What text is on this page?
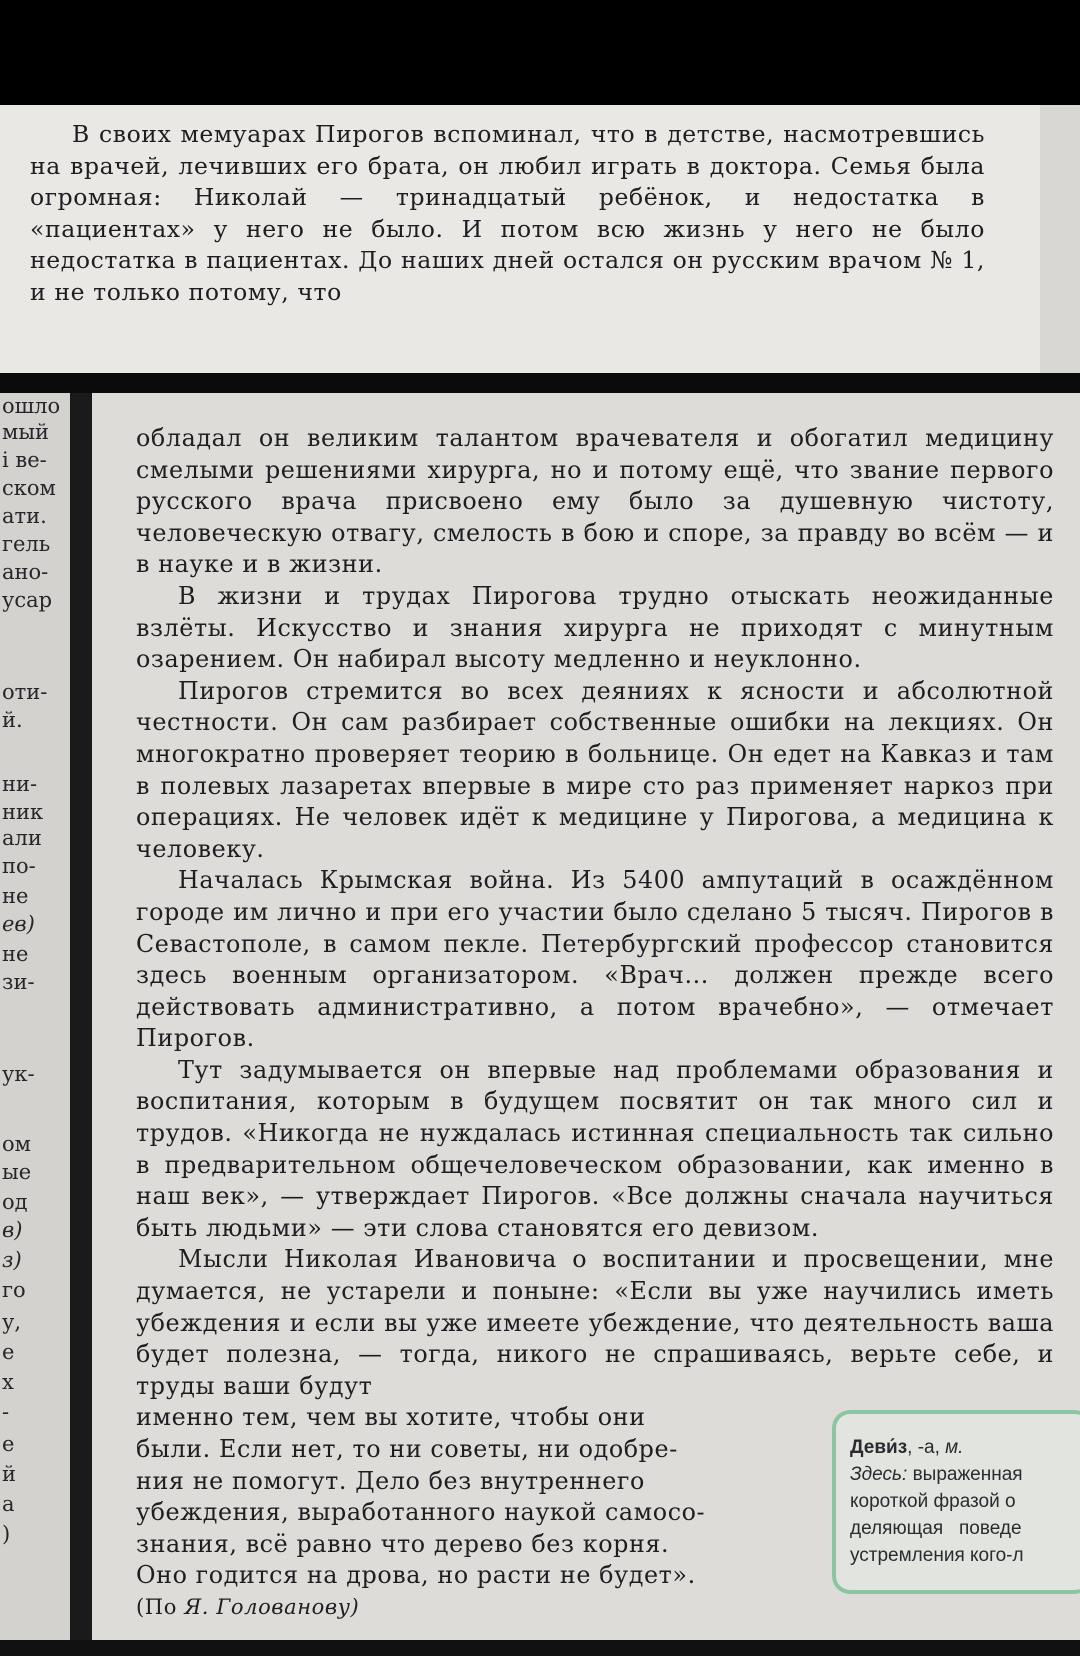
В своих мемуарах Пирогов вспоминал, что в детстве, насмотревшись на врачей, лечивших его брата, он любил играть в доктора. Семья была огромная: Николай — тринадцатый ребёнок, и недостатка в «пациентах» у него не было. И потом всю жизнь у него не было недостатка в пациентах. До наших дней остался он русским врачом № 1, и не только потому, что

ошло
мый
і ве-
ском
ати.
гель
ано-
усар
оти-
й.
ни-
ник
али
по-
не
ев)
не
зи-
ук-
ом
ые
од
в)
з)
го
у,
е
х
-
е
й
а
)

обладал он великим талантом врачевателя и обогатил медицину смелыми решениями хирурга, но и потому ещё, что звание первого русского врача присвоено ему было за душевную чистоту, человеческую отвагу, смелость в бою и споре, за правду во всём — и в науке и в жизни.

В жизни и трудах Пирогова трудно отыскать неожиданные взлёты. Искусство и знания хирурга не приходят с минутным озарением. Он набирал высоту медленно и неуклонно.

Пирогов стремится во всех деяниях к ясности и абсолютной честности. Он сам разбирает собственные ошибки на лекциях. Он многократно проверяет теорию в больнице. Он едет на Кавказ и там в полевых лазаретах впервые в мире сто раз применяет наркоз при операциях. Не человек идёт к медицине у Пирогова, а медицина к человеку.

Началась Крымская война. Из 5400 ампутаций в осаждённом городе им лично и при его участии было сделано 5 тысяч. Пирогов в Севастополе, в самом пекле. Петербургский профессор становится здесь военным организатором. «Врач... должен прежде всего действовать административно, а потом врачебно», — отмечает Пирогов.

Тут задумывается он впервые над проблемами образования и воспитания, которым в будущем посвятит он так много сил и трудов. «Никогда не нуждалась истинная специальность так сильно в предварительном общечеловеческом образовании, как именно в наш век», — утверждает Пирогов. «Все должны сначала научиться быть людьми» — эти слова становятся его девизом.

Мысли Николая Ивановича о воспитании и просвещении, мне думается, не устарели и поныне: «Если вы уже научились иметь убеждения и если вы уже имеете убеждение, что деятельность ваша будет полезна, — тогда, никого не спрашиваясь, верьте себе, и труды ваши будут

именно тем, чем вы хотите, чтобы они

были. Если нет, то ни советы, ни одобре-

ния не помогут. Дело без внутреннего

убеждения, выработанного наукой самосо-

знания, всё равно что дерево без корня.

Оно годится на дрова, но расти не будет».

(По Я. Голованову)

Деви́з, -а, м.

Здесь: выраженная

короткой фразой о

деляющая   поведе

устремления кого-л
